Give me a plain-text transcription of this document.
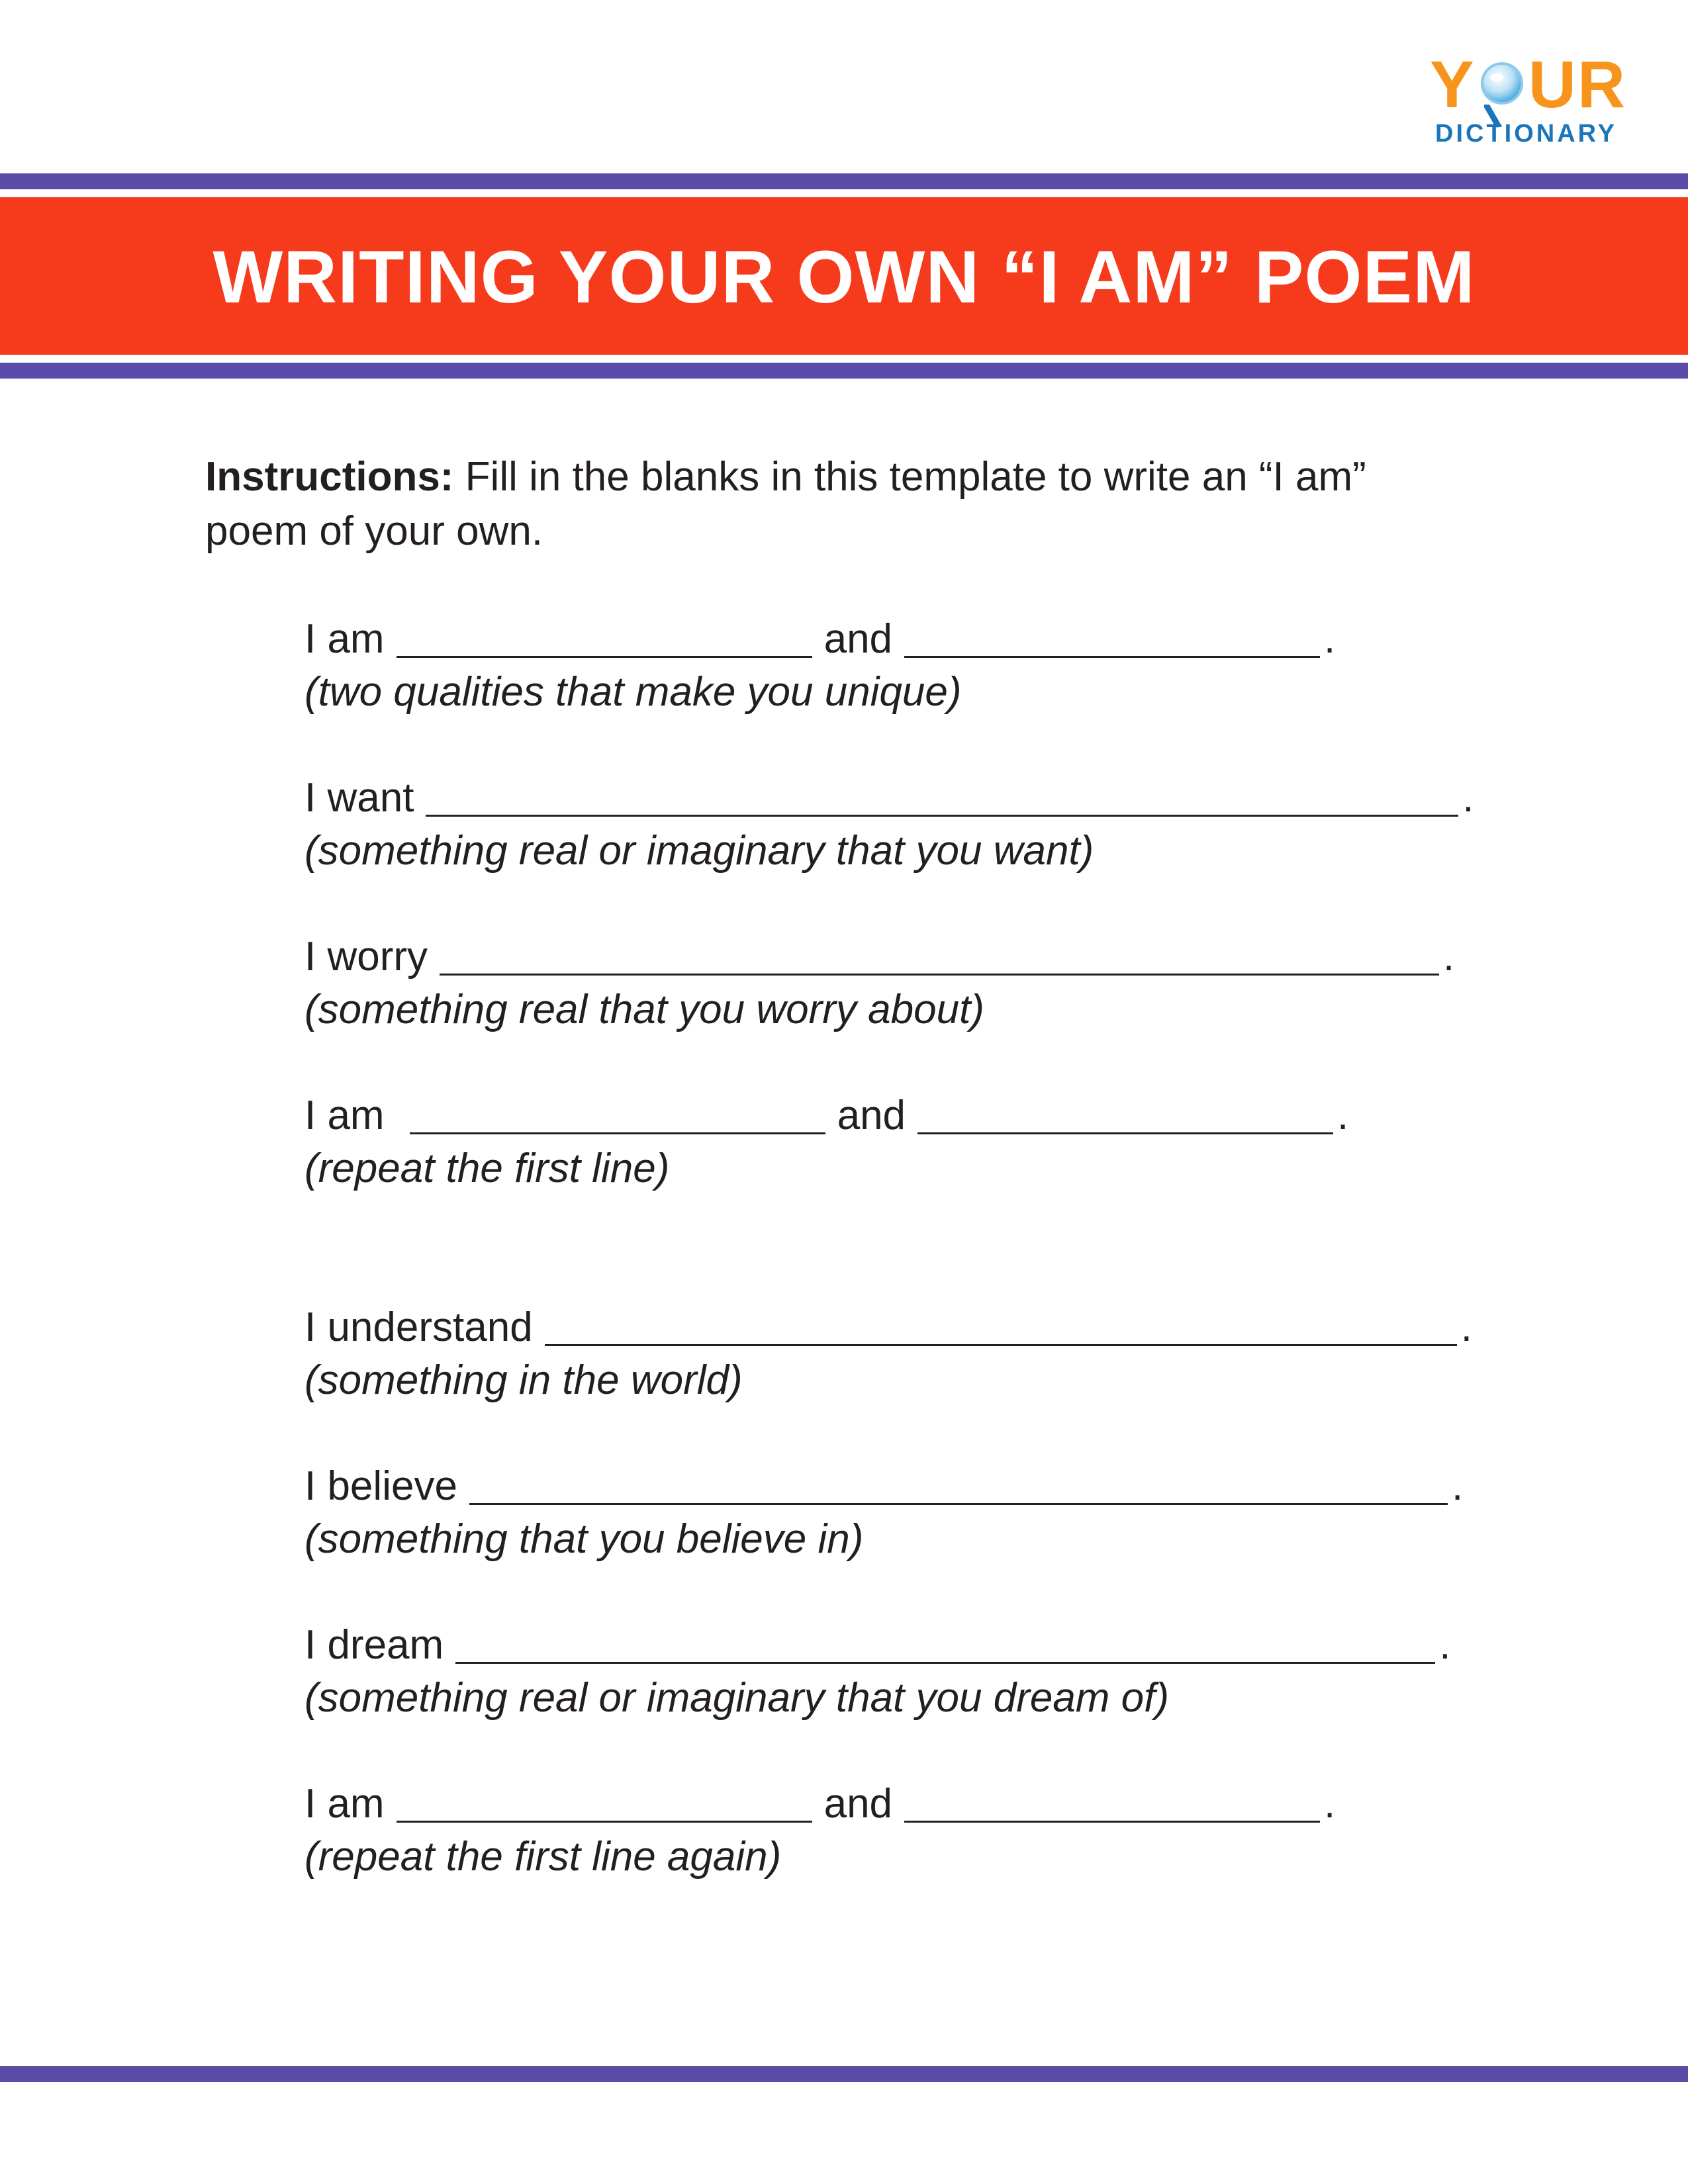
Y UR
DICTIONARY
WRITING YOUR OWN “I AM” POEM
Instructions: Fill in the blanks in this template to write an “I am”
poem of your own.
I am	and	.
(two qualities that make you unique)
I want	.
(something real or imaginary that you want)
I worry	.
(something real that you worry about)
I am	and	.
(repeat the first line)
I understand	.
(something in the world)
I believe	.
(something that you believe in)
I dream	.
(something real or imaginary that you dream of)
I am	and	.
(repeat the first line again)
